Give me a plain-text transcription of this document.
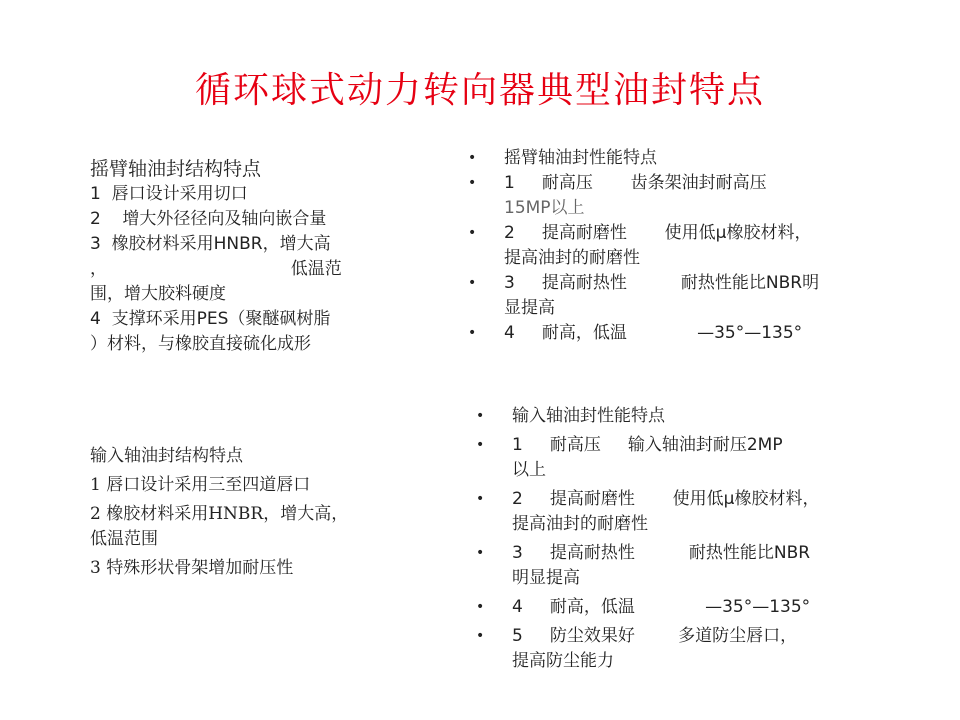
循环球式动力转向器典型油封特点
摇臂轴油封结构特点
1  唇口设计采用切口
2    增大外径径向及轴向嵌合量
3  橡胶材料采用HNBR，增大高
，                                  低温范
围，增大胶料硬度
4  支撑环采用PES（聚醚砜树脂
）材料，与橡胶直接硫化成形
输入轴油封结构特点
1 唇口设计采用三至四道唇口
2 橡胶材料采用HNBR，增大高，
低温范围
3 特殊形状骨架增加耐压性
• 摇臂轴油封性能特点
• 1     耐高压       齿条架油封耐高压
15MP以上
• 2     提高耐磨性       使用低μ橡胶材料，
提高油封的耐磨性
• 3     提高耐热性          耐热性能比NBR明
显提高
• 4     耐高，低温             —35°—135°
• 输入轴油封性能特点
• 1     耐高压     输入轴油封耐压2MP
以上
• 2     提高耐磨性       使用低μ橡胶材料，
提高油封的耐磨性
• 3     提高耐热性          耐热性能比NBR
明显提高
• 4     耐高，低温             —35°—135°
• 5     防尘效果好        多道防尘唇口，
提高防尘能力
